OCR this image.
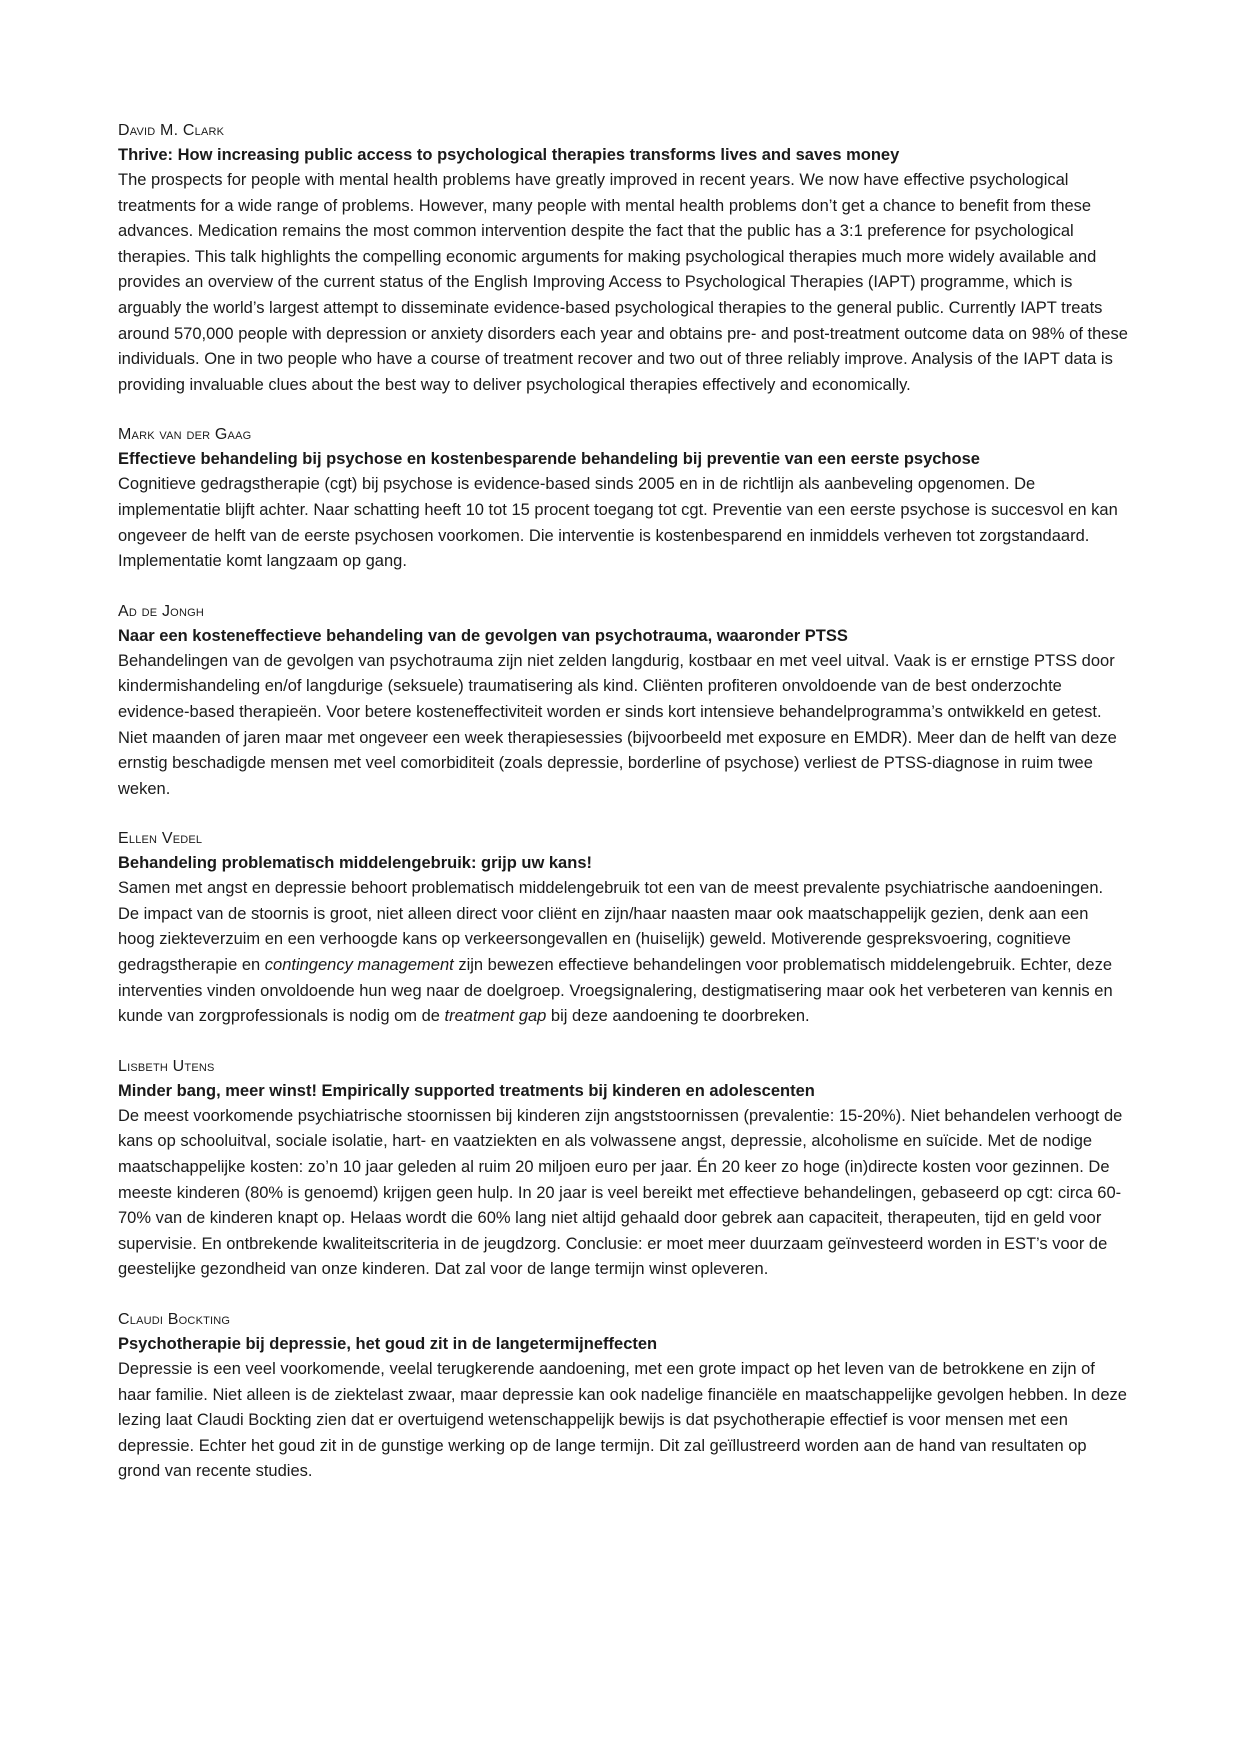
David M. Clark

Thrive: How increasing public access to psychological therapies transforms lives and saves money

The prospects for people with mental health problems have greatly improved in recent years. We now have effective psychological treatments for a wide range of problems. However, many people with mental health problems don’t get a chance to benefit from these advances. Medication remains the most common intervention despite the fact that the public has a 3:1 preference for psychological therapies. This talk highlights the compelling economic arguments for making psychological therapies much more widely available and provides an overview of the current status of the English Improving Access to Psychological Therapies (IAPT) programme, which is arguably the world’s largest attempt to disseminate evidence-based psychological therapies to the general public. Currently IAPT treats around 570,000 people with depression or anxiety disorders each year and obtains pre- and post-treatment outcome data on 98% of these individuals. One in two people who have a course of treatment recover and two out of three reliably improve. Analysis of the IAPT data is providing invaluable clues about the best way to deliver psychological therapies effectively and economically.

Mark van der Gaag

Effectieve behandeling bij psychose en kostenbesparende behandeling bij preventie van een eerste psychose

Cognitieve gedragstherapie (cgt) bij psychose is evidence-based sinds 2005 en in de richtlijn als aanbeveling opgenomen. De implementatie blijft achter. Naar schatting heeft 10 tot 15 procent toegang tot cgt. Preventie van een eerste psychose is succesvol en kan ongeveer de helft van de eerste psychosen voorkomen. Die interventie is kostenbesparend en inmiddels verheven tot zorgstandaard. Implementatie komt langzaam op gang.

Ad de Jongh

Naar een kosteneffectieve behandeling van de gevolgen van psychotrauma, waaronder PTSS

Behandelingen van de gevolgen van psychotrauma zijn niet zelden langdurig, kostbaar en met veel uitval. Vaak is er ernstige PTSS door kindermishandeling en/of langdurige (seksuele) traumatisering als kind. Cliënten profiteren onvoldoende van de best onderzochte evidence-based therapieën. Voor betere kosteneffectiviteit worden er sinds kort intensieve behandelprogramma’s ontwikkeld en getest. Niet maanden of jaren maar met ongeveer een week therapiesessies (bijvoorbeeld met exposure en EMDR). Meer dan de helft van deze ernstig beschadigde mensen met veel comorbiditeit (zoals depressie, borderline of psychose) verliest de PTSS-diagnose in ruim twee weken.

Ellen Vedel

Behandeling problematisch middelengebruik: grijp uw kans!

Samen met angst en depressie behoort problematisch middelengebruik tot een van de meest prevalente psychiatrische aandoeningen. De impact van de stoornis is groot, niet alleen direct voor cliënt en zijn/haar naasten maar ook maatschappelijk gezien, denk aan een hoog ziekteverzuim en een verhoogde kans op verkeersongevallen en (huiselijk) geweld. Motiverende gespreksvoering, cognitieve gedragstherapie en contingency management zijn bewezen effectieve behandelingen voor problematisch middelengebruik. Echter, deze interventies vinden onvoldoende hun weg naar de doelgroep. Vroegsignalering, destigmatisering maar ook het verbeteren van kennis en kunde van zorgprofessionals is nodig om de treatment gap bij deze aandoening te doorbreken.

Lisbeth Utens

Minder bang, meer winst! Empirically supported treatments bij kinderen en adolescenten

De meest voorkomende psychiatrische stoornissen bij kinderen zijn angststoornissen (prevalentie: 15-20%). Niet behandelen verhoogt de kans op schooluitval, sociale isolatie, hart- en vaatziekten en als volwassene angst, depressie, alcoholisme en suïcide. Met de nodige maatschappelijke kosten: zo’n 10 jaar geleden al ruim 20 miljoen euro per jaar. Én 20 keer zo hoge (in)directe kosten voor gezinnen. De meeste kinderen (80% is genoemd) krijgen geen hulp. In 20 jaar is veel bereikt met effectieve behandelingen, gebaseerd op cgt: circa 60-70% van de kinderen knapt op. Helaas wordt die 60% lang niet altijd gehaald door gebrek aan capaciteit, therapeuten, tijd en geld voor supervisie. En ontbrekende kwaliteitscriteria in de jeugdzorg. Conclusie: er moet meer duurzaam geïnvesteerd worden in EST’s voor de geestelijke gezondheid van onze kinderen. Dat zal voor de lange termijn winst opleveren.

Claudi Bockting

Psychotherapie bij depressie, het goud zit in de langetermijneffecten

Depressie is een veel voorkomende, veelal terugkerende aandoening, met een grote impact op het leven van de betrokkene en zijn of haar familie. Niet alleen is de ziektelast zwaar, maar depressie kan ook nadelige financiële en maatschappelijke gevolgen hebben. In deze lezing laat Claudi Bockting zien dat er overtuigend wetenschappelijk bewijs is dat psychotherapie effectief is voor mensen met een depressie. Echter het goud zit in de gunstige werking op de lange termijn. Dit zal geïllustreerd worden aan de hand van resultaten op grond van recente studies.
